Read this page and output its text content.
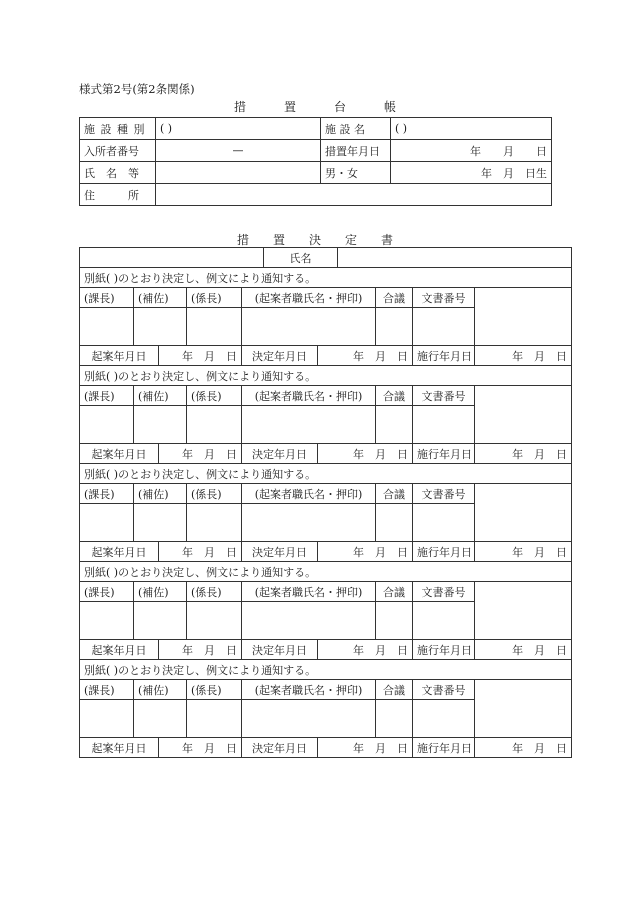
様式第2号(第2条関係)
措	置	台	帳
施設種別	( )	施 設 名	( )
入所者番号	—	措置年月日	年　　月　　日
氏　名　等		男・女	年　月　日生
住　　　所			
措 置 決 定 書
					氏名					
別紙( )のとおり決定し、例文により通知する。										
(課長)	(補佐)		(係長)	(起案者職氏名・押印)				合議	文書番号	

起案年月日		年　月　日		決定年月日		年　月　日			施行年月日	年　月　日
別紙( )のとおり決定し、例文により通知する。										
(課長)	(補佐)		(係長)	(起案者職氏名・押印)				合議	文書番号	

起案年月日		年　月　日		決定年月日		年　月　日			施行年月日	年　月　日
別紙( )のとおり決定し、例文により通知する。										
(課長)	(補佐)		(係長)	(起案者職氏名・押印)				合議	文書番号	

起案年月日		年　月　日		決定年月日		年　月　日			施行年月日	年　月　日
別紙( )のとおり決定し、例文により通知する。										
(課長)	(補佐)		(係長)	(起案者職氏名・押印)				合議	文書番号	

起案年月日		年　月　日		決定年月日		年　月　日			施行年月日	年　月　日
別紙( )のとおり決定し、例文により通知する。										
(課長)	(補佐)		(係長)	(起案者職氏名・押印)				合議	文書番号	

起案年月日		年　月　日		決定年月日		年　月　日			施行年月日	年　月　日
